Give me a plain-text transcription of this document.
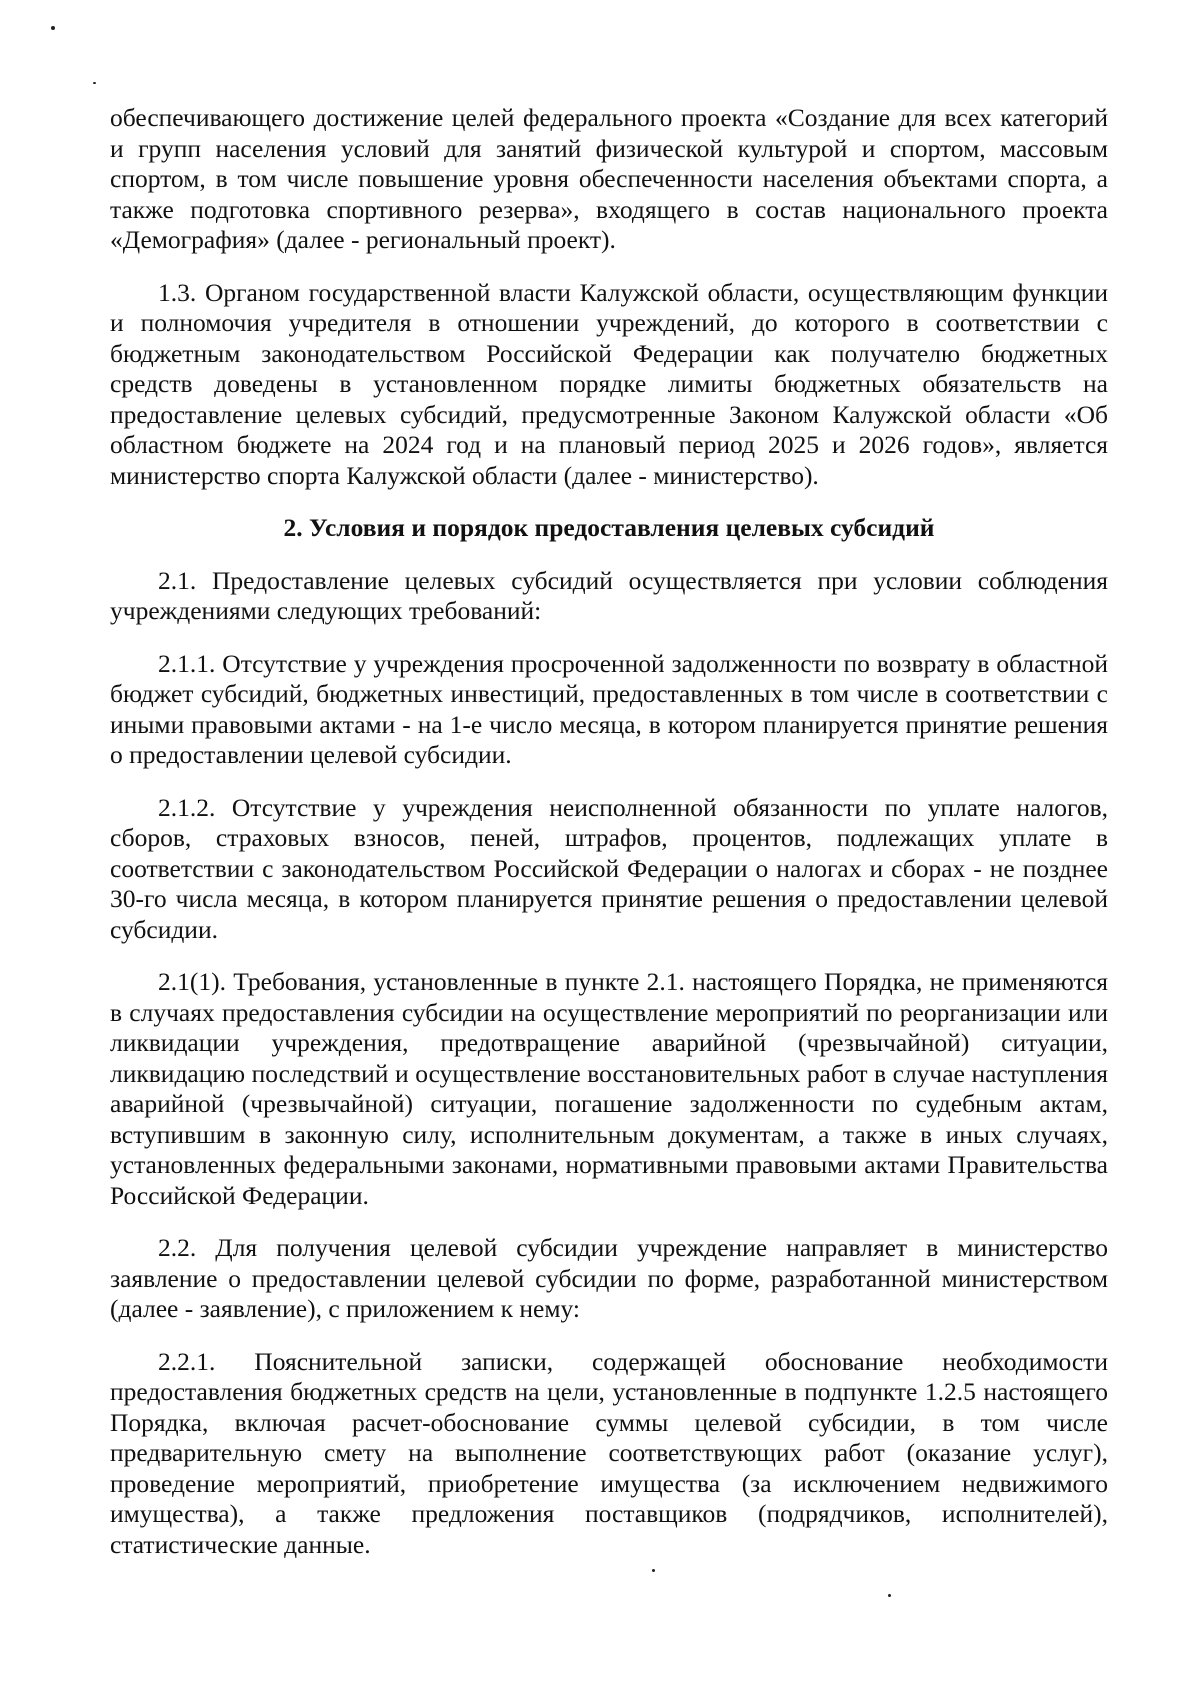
обеспечивающего достижение целей федерального проекта «Создание для всех категорий и групп населения условий для занятий физической культурой и спортом, массовым спортом, в том числе повышение уровня обеспеченности населения объектами спорта, а также подготовка спортивного резерва», входящего в состав национального проекта «Демография» (далее - региональный проект).

1.3. Органом государственной власти Калужской области, осуществляющим функции и полномочия учредителя в отношении учреждений, до которого в соответствии с бюджетным законодательством Российской Федерации как получателю бюджетных средств доведены в установленном порядке лимиты бюджетных обязательств на предоставление целевых субсидий, предусмотренные Законом Калужской области «Об областном бюджете на 2024 год и на плановый период 2025 и 2026 годов», является министерство спорта Калужской области (далее - министерство).

2. Условия и порядок предоставления целевых субсидий

2.1. Предоставление целевых субсидий осуществляется при условии соблюдения учреждениями следующих требований:

2.1.1. Отсутствие у учреждения просроченной задолженности по возврату в областной бюджет субсидий, бюджетных инвестиций, предоставленных в том числе в соответствии с иными правовыми актами - на 1-е число месяца, в котором планируется принятие решения о предоставлении целевой субсидии.

2.1.2. Отсутствие у учреждения неисполненной обязанности по уплате налогов, сборов, страховых взносов, пеней, штрафов, процентов, подлежащих уплате в соответствии с законодательством Российской Федерации о налогах и сборах - не позднее 30-го числа месяца, в котором планируется принятие решения о предоставлении целевой субсидии.

2.1(1). Требования, установленные в пункте 2.1. настоящего Порядка, не применяются в случаях предоставления субсидии на осуществление мероприятий по реорганизации или ликвидации учреждения, предотвращение аварийной (чрезвычайной) ситуации, ликвидацию последствий и осуществление восстановительных работ в случае наступления аварийной (чрезвычайной) ситуации, погашение задолженности по судебным актам, вступившим в законную силу, исполнительным документам, а также в иных случаях, установленных федеральными законами, нормативными правовыми актами Правительства Российской Федерации.

2.2. Для получения целевой субсидии учреждение направляет в министерство заявление о предоставлении целевой субсидии по форме, разработанной министерством (далее - заявление), с приложением к нему:

2.2.1. Пояснительной записки, содержащей обоснование необходимости предоставления бюджетных средств на цели, установленные в подпункте 1.2.5 настоящего Порядка, включая расчет-обоснование суммы целевой субсидии, в том числе предварительную смету на выполнение соответствующих работ (оказание услуг), проведение мероприятий, приобретение имущества (за исключением недвижимого имущества), а также предложения поставщиков (подрядчиков, исполнителей), статистические данные.
